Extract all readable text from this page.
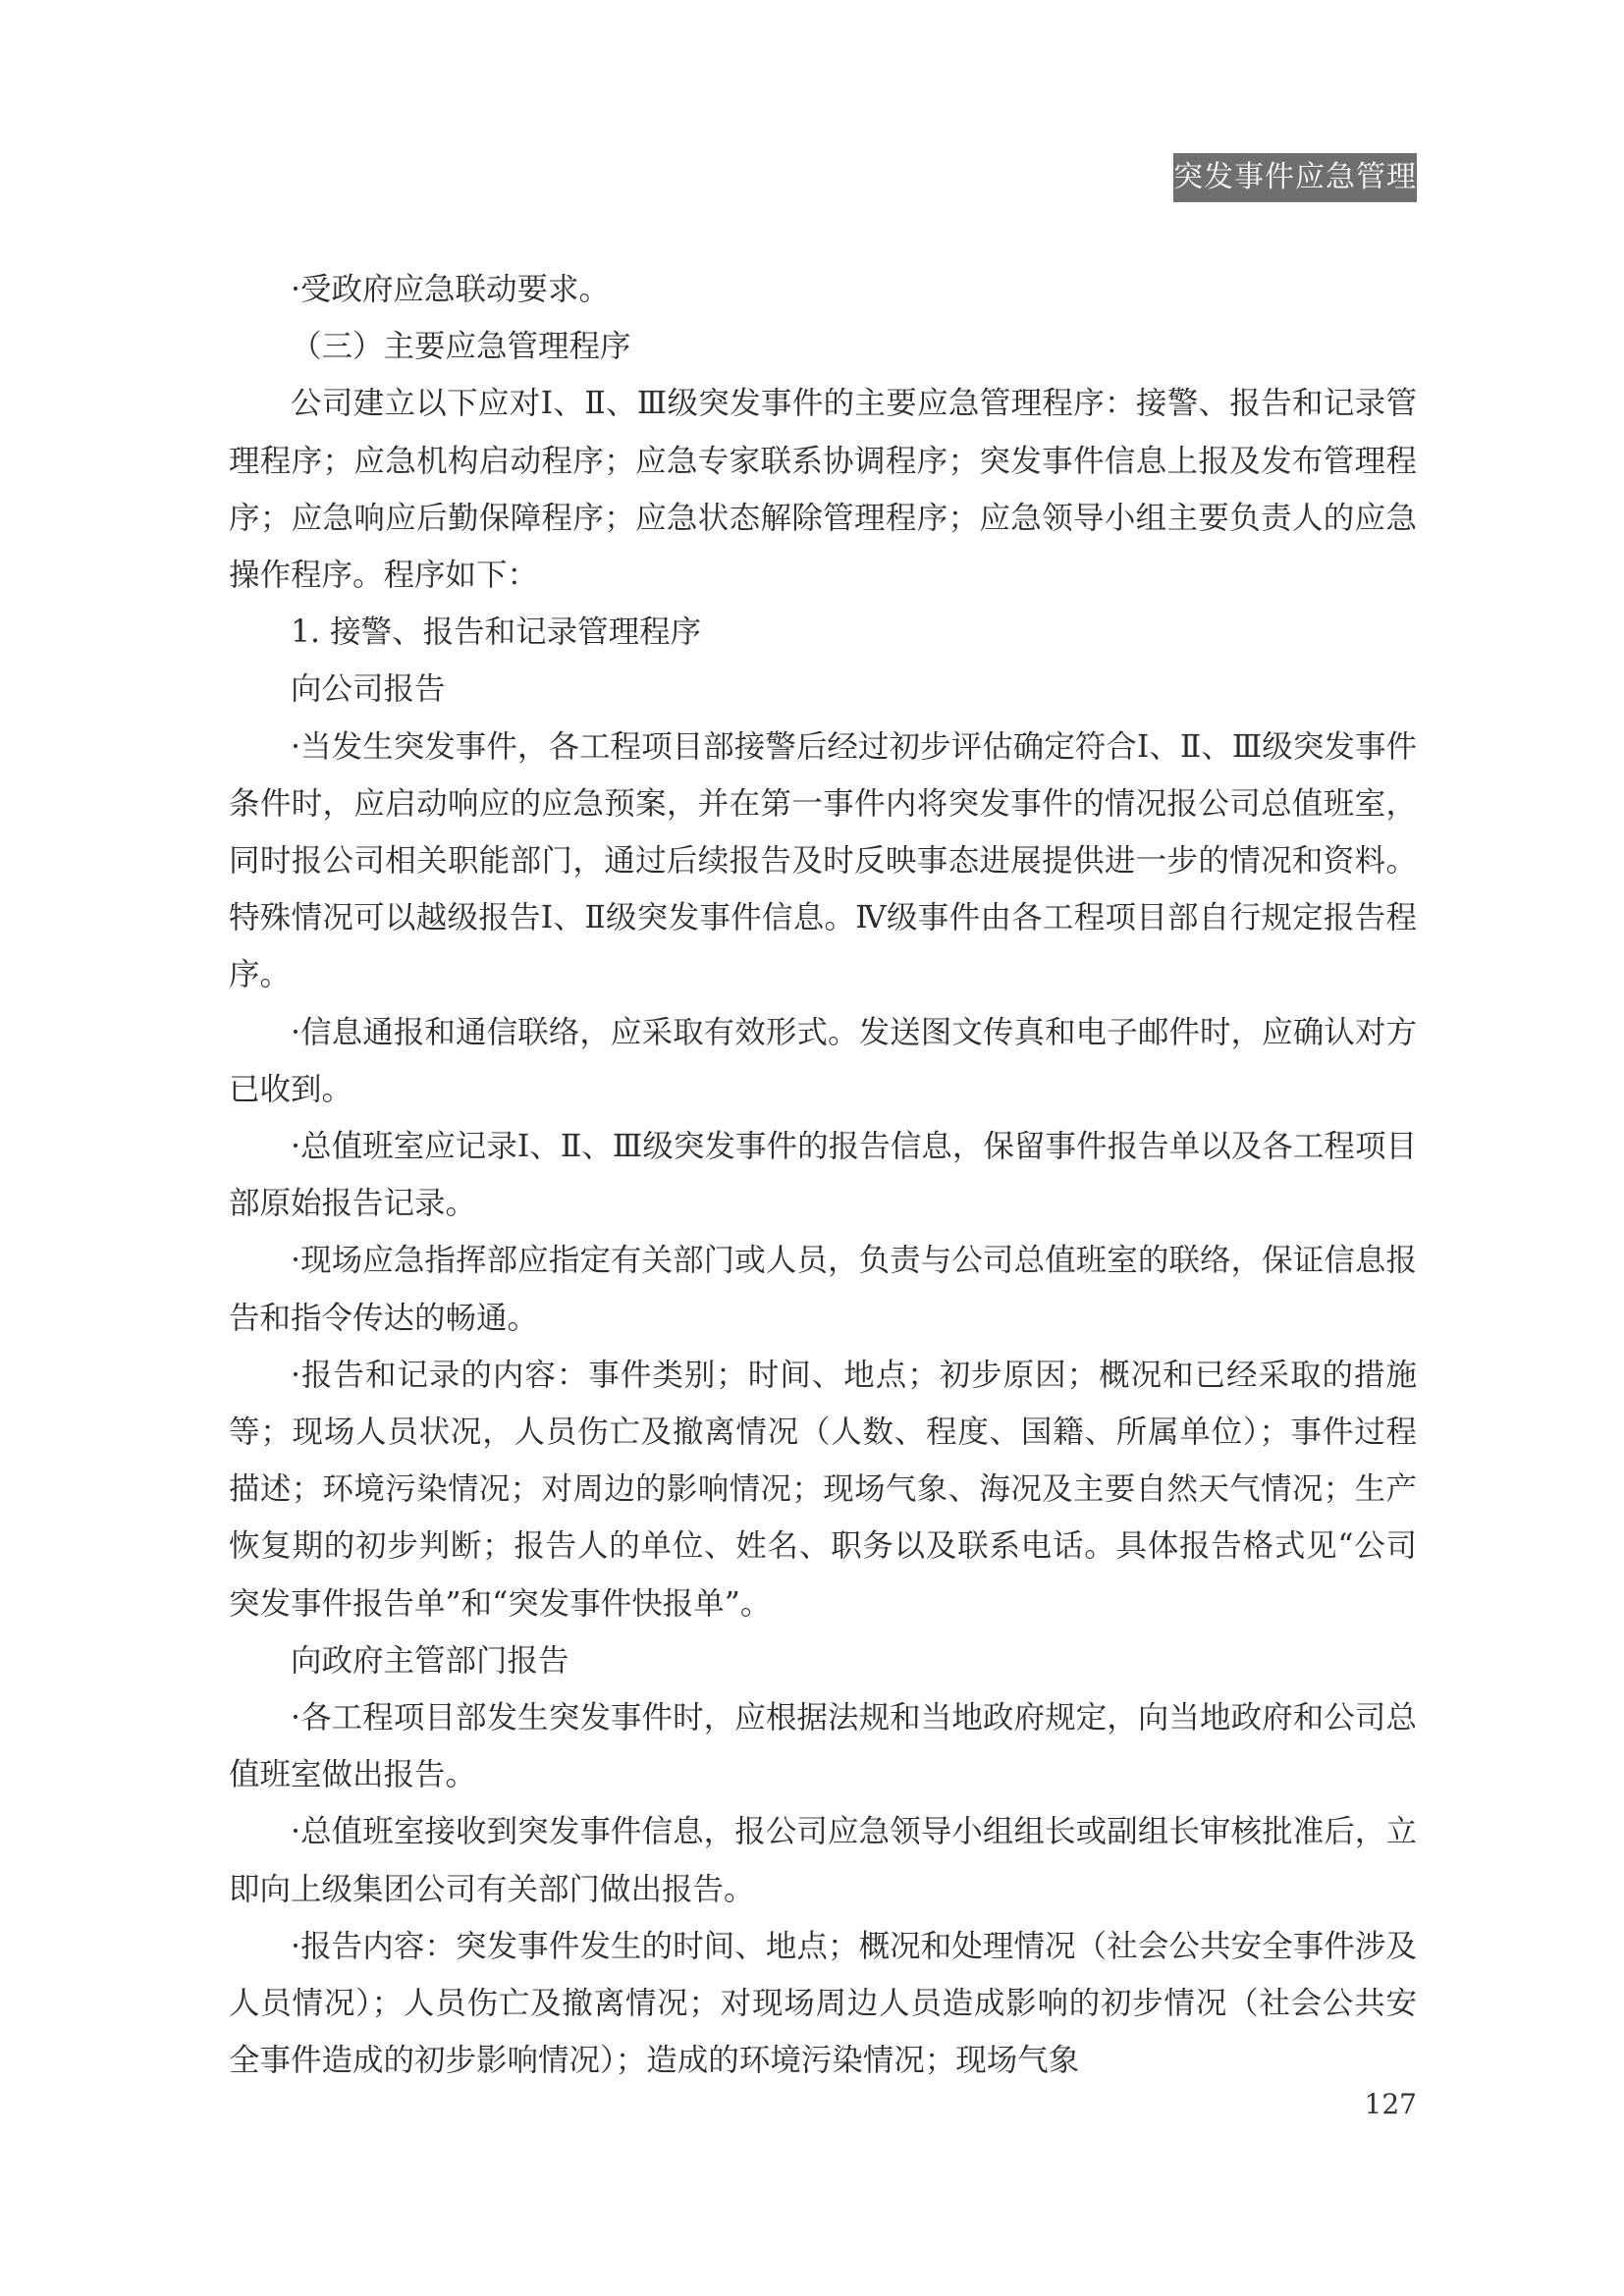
突发事件应急管理

·受政府应急联动要求。

（三）主要应急管理程序

公司建立以下应对Ⅰ、Ⅱ、Ⅲ级突发事件的主要应急管理程序：接警、报告和记录管理程序；应急机构启动程序；应急专家联系协调程序；突发事件信息上报及发布管理程序；应急响应后勤保障程序；应急状态解除管理程序；应急领导小组主要负责人的应急操作程序。程序如下：

1. 接警、报告和记录管理程序

向公司报告

·当发生突发事件，各工程项目部接警后经过初步评估确定符合Ⅰ、Ⅱ、Ⅲ级突发事件条件时，应启动响应的应急预案，并在第一事件内将突发事件的情况报公司总值班室，同时报公司相关职能部门，通过后续报告及时反映事态进展提供进一步的情况和资料。特殊情况可以越级报告Ⅰ、Ⅱ级突发事件信息。Ⅳ级事件由各工程项目部自行规定报告程序。

·信息通报和通信联络，应采取有效形式。发送图文传真和电子邮件时，应确认对方已收到。

·总值班室应记录Ⅰ、Ⅱ、Ⅲ级突发事件的报告信息，保留事件报告单以及各工程项目部原始报告记录。

·现场应急指挥部应指定有关部门或人员，负责与公司总值班室的联络，保证信息报告和指令传达的畅通。

·报告和记录的内容：事件类别；时间、地点；初步原因；概况和已经采取的措施等；现场人员状况，人员伤亡及撤离情况（人数、程度、国籍、所属单位）；事件过程描述；环境污染情况；对周边的影响情况；现场气象、海况及主要自然天气情况；生产恢复期的初步判断；报告人的单位、姓名、职务以及联系电话。具体报告格式见“公司突发事件报告单”和“突发事件快报单”。

向政府主管部门报告

·各工程项目部发生突发事件时，应根据法规和当地政府规定，向当地政府和公司总值班室做出报告。

·总值班室接收到突发事件信息，报公司应急领导小组组长或副组长审核批准后，立即向上级集团公司有关部门做出报告。

·报告内容：突发事件发生的时间、地点；概况和处理情况（社会公共安全事件涉及人员情况）；人员伤亡及撤离情况；对现场周边人员造成影响的初步情况（社会公共安全事件造成的初步影响情况）；造成的环境污染情况；现场气象

127
